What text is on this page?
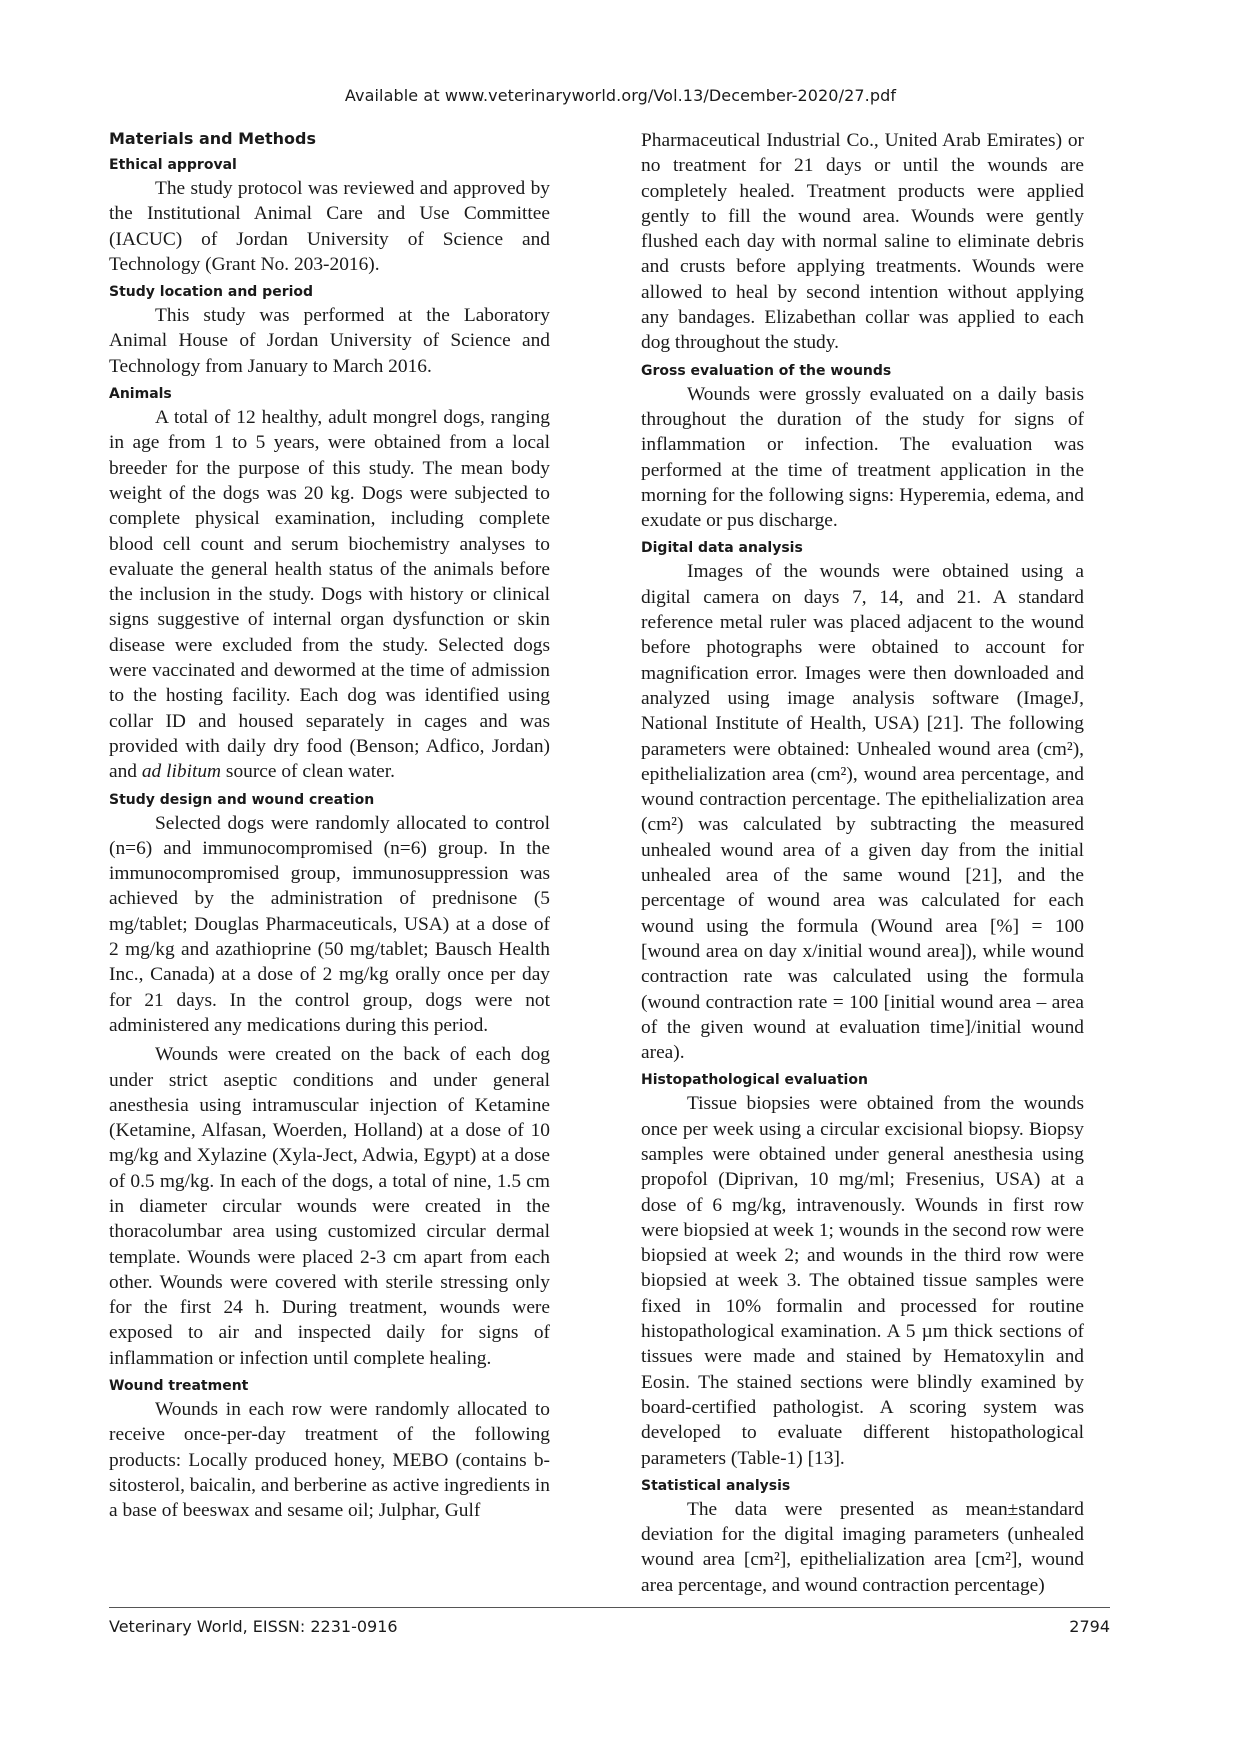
Available at www.veterinaryworld.org/Vol.13/December-2020/27.pdf
Materials and Methods
Ethical approval

The study protocol was reviewed and approved by the Institutional Animal Care and Use Committee (IACUC) of Jordan University of Science and Technology (Grant No. 203-2016).

Study location and period

This study was performed at the Laboratory Animal House of Jordan University of Science and Technology from January to March 2016.

Animals

A total of 12 healthy, adult mongrel dogs, ranging in age from 1 to 5 years, were obtained from a local breeder for the purpose of this study. The mean body weight of the dogs was 20 kg. Dogs were subjected to complete physical examination, including complete blood cell count and serum biochemistry analyses to evaluate the general health status of the animals before the inclusion in the study. Dogs with history or clinical signs suggestive of internal organ dysfunction or skin disease were excluded from the study. Selected dogs were vaccinated and dewormed at the time of admission to the hosting facility. Each dog was identified using collar ID and housed separately in cages and was provided with daily dry food (Benson; Adfico, Jordan) and ad libitum source of clean water.

Study design and wound creation

Selected dogs were randomly allocated to control (n=6) and immunocompromised (n=6) group. In the immunocompromised group, immunosuppression was achieved by the administration of prednisone (5 mg/tablet; Douglas Pharmaceuticals, USA) at a dose of 2 mg/kg and azathioprine (50 mg/tablet; Bausch Health Inc., Canada) at a dose of 2 mg/kg orally once per day for 21 days. In the control group, dogs were not administered any medications during this period.

Wounds were created on the back of each dog under strict aseptic conditions and under general anesthesia using intramuscular injection of Ketamine (Ketamine, Alfasan, Woerden, Holland) at a dose of 10 mg/kg and Xylazine (Xyla-Ject, Adwia, Egypt) at a dose of 0.5 mg/kg. In each of the dogs, a total of nine, 1.5 cm in diameter circular wounds were created in the thoracolumbar area using customized circular dermal template. Wounds were placed 2-3 cm apart from each other. Wounds were covered with sterile stressing only for the first 24 h. During treatment, wounds were exposed to air and inspected daily for signs of inflammation or infection until complete healing.

Wound treatment

Wounds in each row were randomly allocated to receive once-per-day treatment of the following products: Locally produced honey, MEBO (contains b-sitosterol, baicalin, and berberine as active ingredients in a base of beeswax and sesame oil; Julphar, Gulf

Pharmaceutical Industrial Co., United Arab Emirates) or no treatment for 21 days or until the wounds are completely healed. Treatment products were applied gently to fill the wound area. Wounds were gently flushed each day with normal saline to eliminate debris and crusts before applying treatments. Wounds were allowed to heal by second intention without applying any bandages. Elizabethan collar was applied to each dog throughout the study.

Gross evaluation of the wounds

Wounds were grossly evaluated on a daily basis throughout the duration of the study for signs of inflammation or infection. The evaluation was performed at the time of treatment application in the morning for the following signs: Hyperemia, edema, and exudate or pus discharge.

Digital data analysis

Images of the wounds were obtained using a digital camera on days 7, 14, and 21. A standard reference metal ruler was placed adjacent to the wound before photographs were obtained to account for magnification error. Images were then downloaded and analyzed using image analysis software (ImageJ, National Institute of Health, USA) [21]. The following parameters were obtained: Unhealed wound area (cm²), epithelialization area (cm²), wound area percentage, and wound contraction percentage. The epithelialization area (cm²) was calculated by subtracting the measured unhealed wound area of a given day from the initial unhealed area of the same wound [21], and the percentage of wound area was calculated for each wound using the formula (Wound area [%] = 100 [wound area on day x/initial wound area]), while wound contraction rate was calculated using the formula (wound contraction rate = 100 [initial wound area – area of the given wound at evaluation time]/initial wound area).

Histopathological evaluation

Tissue biopsies were obtained from the wounds once per week using a circular excisional biopsy. Biopsy samples were obtained under general anesthesia using propofol (Diprivan, 10 mg/ml; Fresenius, USA) at a dose of 6 mg/kg, intravenously. Wounds in first row were biopsied at week 1; wounds in the second row were biopsied at week 2; and wounds in the third row were biopsied at week 3. The obtained tissue samples were fixed in 10% formalin and processed for routine histopathological examination. A 5 µm thick sections of tissues were made and stained by Hematoxylin and Eosin. The stained sections were blindly examined by board-certified pathologist. A scoring system was developed to evaluate different histopathological parameters (Table-1) [13].

Statistical analysis

The data were presented as mean±standard deviation for the digital imaging parameters (unhealed wound area [cm²], epithelialization area [cm²], wound area percentage, and wound contraction percentage)

Veterinary World, EISSN: 2231-0916	2794
